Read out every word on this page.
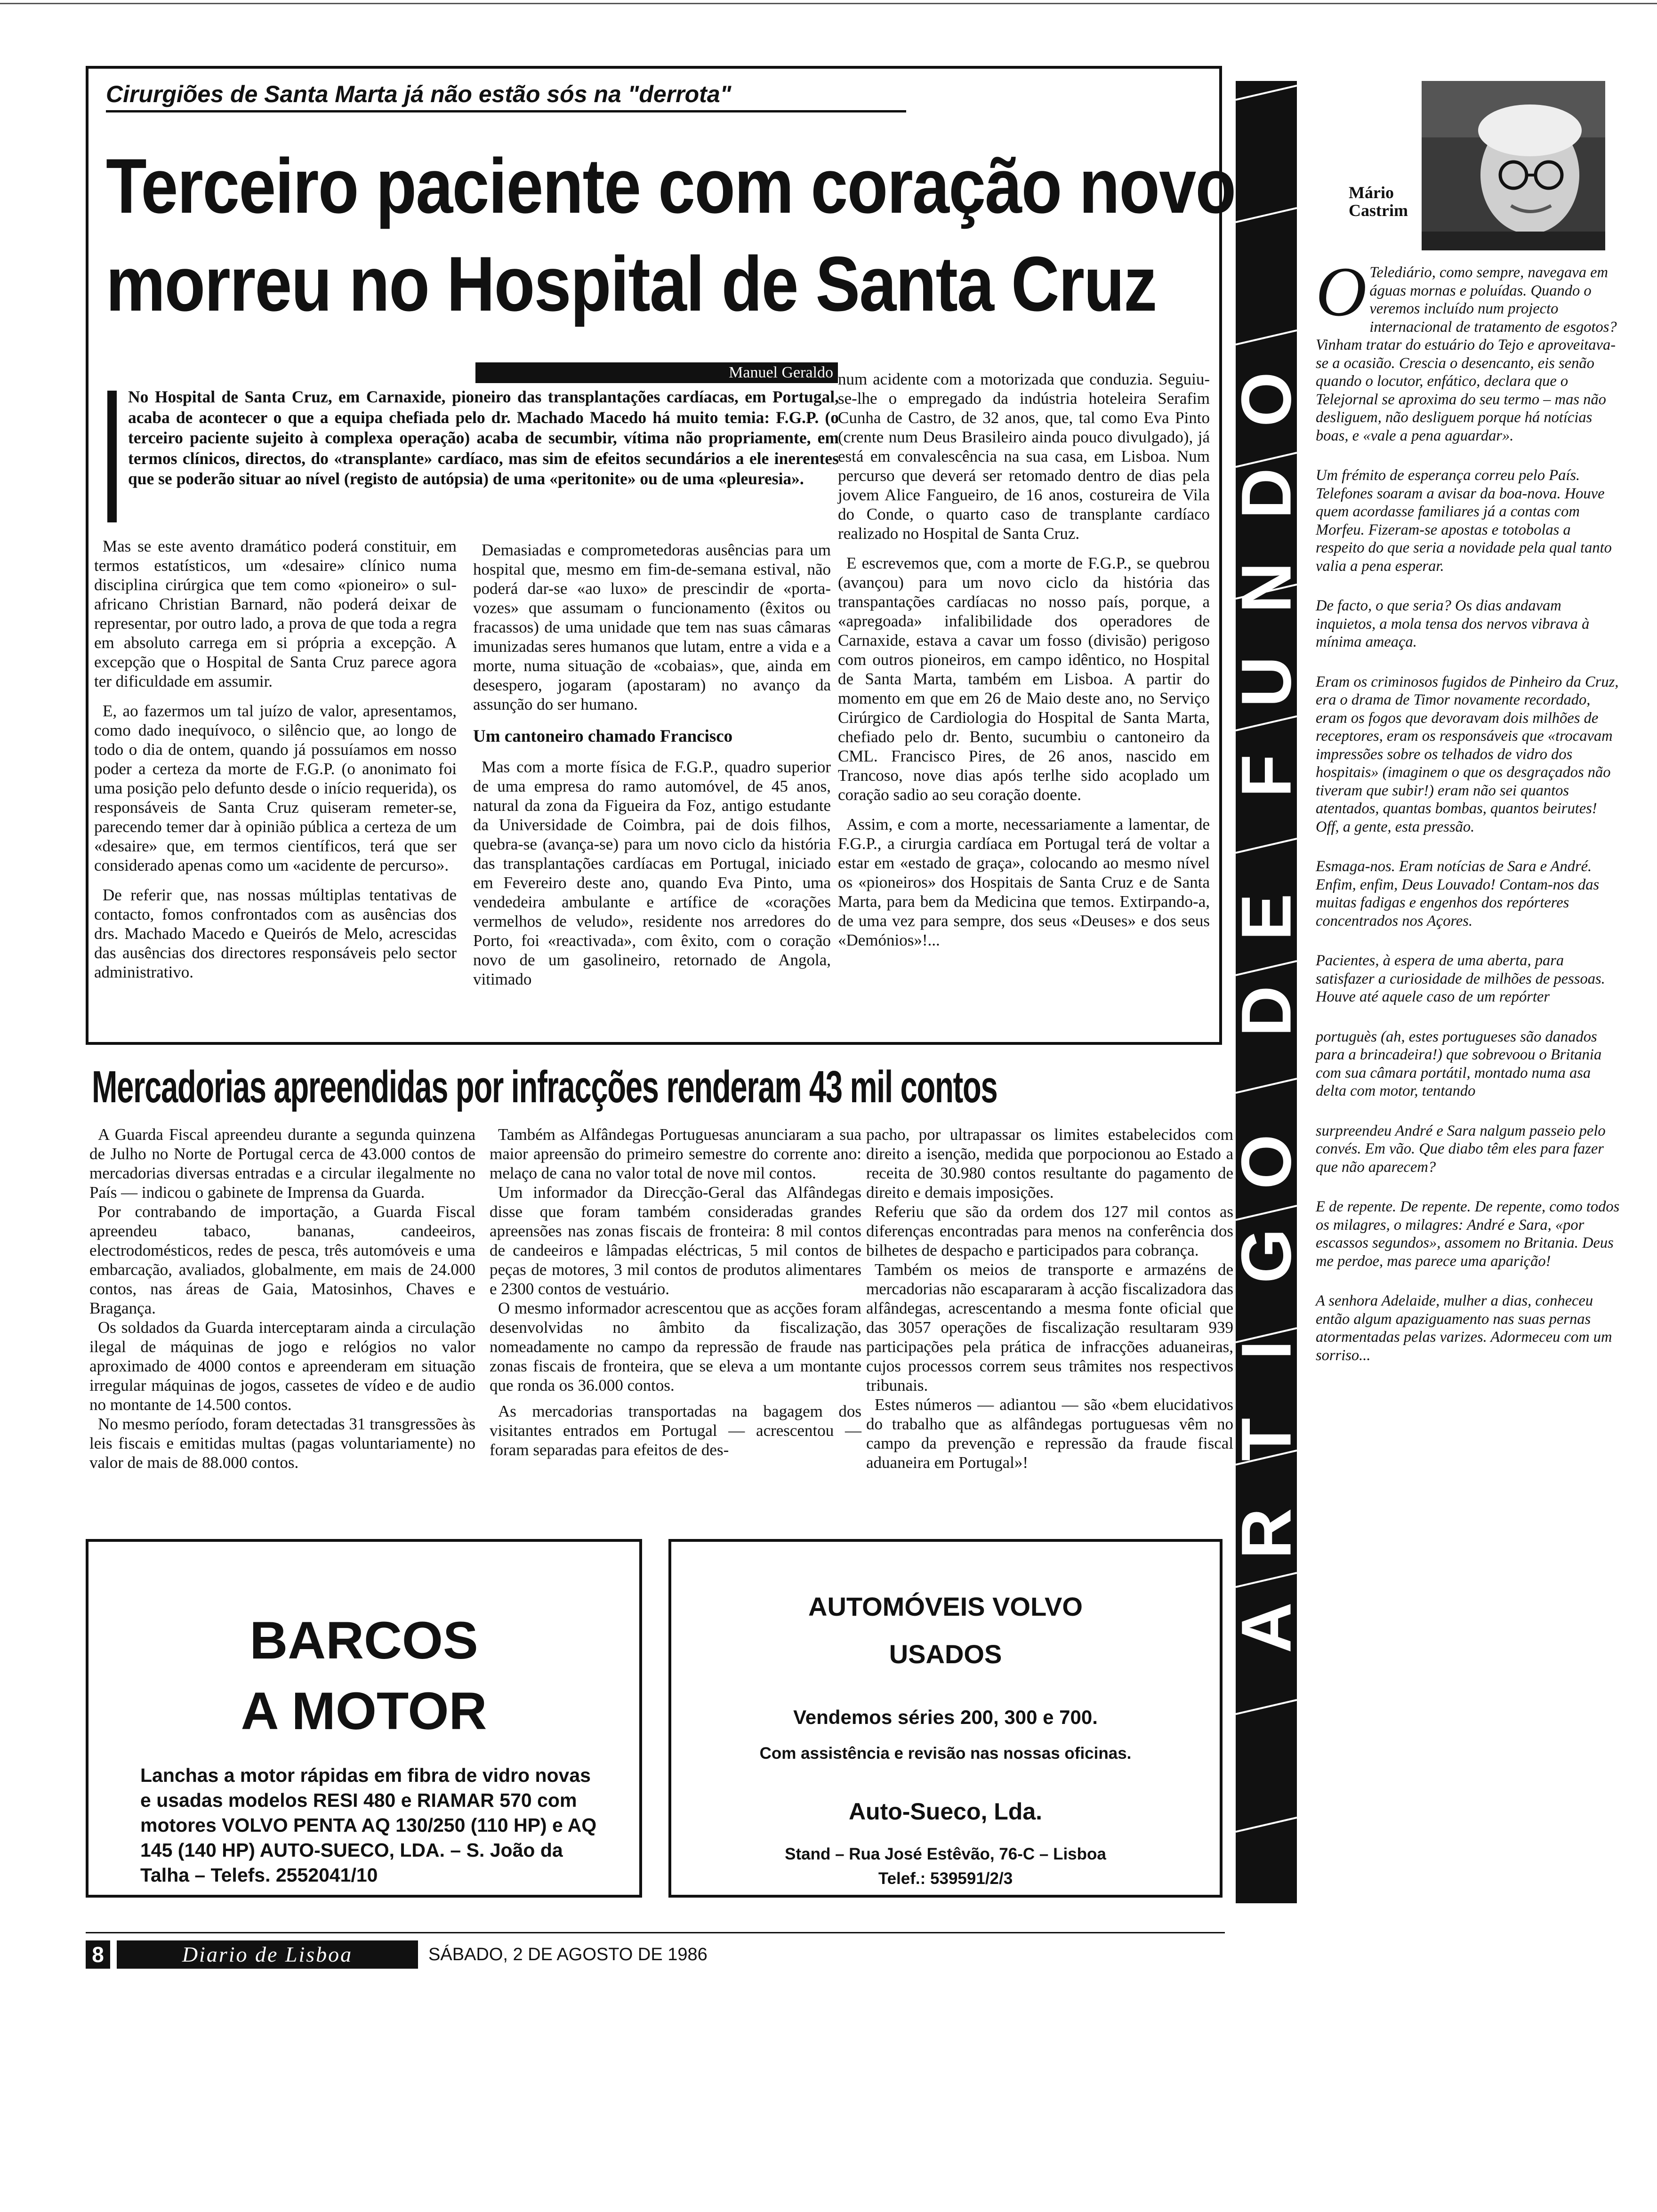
Cirurgiões de Santa Marta já não estão sós na "derrota"
Terceiro paciente com coração novo
morreu no Hospital de Santa Cruz
Manuel Geraldo
No Hospital de Santa Cruz, em Carnaxide, pioneiro das transplantações cardíacas, em Portugal, acaba de acontecer o que a equipa chefiada pelo dr. Machado Macedo há muito temia: F.G.P. (o terceiro paciente sujeito à complexa operação) acaba de secumbir, vítima não propriamente, em termos clínicos, directos, do «transplante» cardíaco, mas sim de efeitos secundários a ele inerentes que se poderão situar ao nível (registo de autópsia) de uma «peritonite» ou de uma «pleuresia».

Mas se este avento dramático poderá constituir, em termos estatísticos, um «desaire» clínico numa disciplina cirúrgica que tem como «pioneiro» o sul-africano Christian Barnard, não poderá deixar de representar, por outro lado, a prova de que toda a regra em absoluto carrega em si própria a excepção. A excepção que o Hospital de Santa Cruz parece agora ter dificuldade em assumir.

E, ao fazermos um tal juízo de valor, apresentamos, como dado inequívoco, o silêncio que, ao longo de todo o dia de ontem, quando já possuíamos em nosso poder a certeza da morte de F.G.P. (o anonimato foi uma posição pelo defunto desde o início requerida), os responsáveis de Santa Cruz quiseram remeter-se, parecendo temer dar à opinião pública a certeza de um «desaire» que, em termos científicos, terá que ser considerado apenas como um «acidente de percurso».

De referir que, nas nossas múltiplas tentativas de contacto, fomos confrontados com as ausências dos drs. Machado Macedo e Queirós de Melo, acrescidas das ausências dos directores responsáveis pelo sector administrativo.

Demasiadas e comprometedoras ausências para um hospital que, mesmo em fim-de-semana estival, não poderá dar-se «ao luxo» de prescindir de «porta-vozes» que assumam o funcionamento (êxitos ou fracassos) de uma unidade que tem nas suas câmaras imunizadas seres humanos que lutam, entre a vida e a morte, numa situação de «cobaias», que, ainda em desespero, jogaram (apostaram) no avanço da assunção do ser humano.

Um cantoneiro chamado Francisco

Mas com a morte física de F.G.P., quadro superior de uma empresa do ramo automóvel, de 45 anos, natural da zona da Figueira da Foz, antigo estudante da Universidade de Coimbra, pai de dois filhos, quebra-se (avança-se) para um novo ciclo da história das transplantações cardíacas em Portugal, iniciado em Fevereiro deste ano, quando Eva Pinto, uma vendedeira ambulante e artífice de «corações vermelhos de veludo», residente nos arredores do Porto, foi «reactivada», com êxito, com o coração novo de um gasolineiro, retornado de Angola, vitimado

num acidente com a motorizada que conduzia. Seguiu-se-lhe o empregado da indústria hoteleira Serafim Cunha de Castro, de 32 anos, que, tal como Eva Pinto (crente num Deus Brasileiro ainda pouco divulgado), já está em convalescência na sua casa, em Lisboa. Num percurso que deverá ser retomado dentro de dias pela jovem Alice Fangueiro, de 16 anos, costureira de Vila do Conde, o quarto caso de transplante cardíaco realizado no Hospital de Santa Cruz.

E escrevemos que, com a morte de F.G.P., se quebrou (avançou) para um novo ciclo da história das transpantações cardíacas no nosso país, porque, a «apregoada» infalibilidade dos operadores de Carnaxide, estava a cavar um fosso (divisão) perigoso com outros pioneiros, em campo idêntico, no Hospital de Santa Marta, também em Lisboa. A partir do momento em que em 26 de Maio deste ano, no Serviço Cirúrgico de Cardiologia do Hospital de Santa Marta, chefiado pelo dr. Bento, sucumbiu o cantoneiro da CML. Francisco Pires, de 26 anos, nascido em Trancoso, nove dias após terlhe sido acoplado um coração sadio ao seu coração doente.

Assim, e com a morte, necessariamente a lamentar, de F.G.P., a cirurgia cardíaca em Portugal terá de voltar a estar em «estado de graça», colocando ao mesmo nível os «pioneiros» dos Hospitais de Santa Cruz e de Santa Marta, para bem da Medicina que temos. Extirpando-a, de uma vez para sempre, dos seus «Deuses» e dos seus «Demónios»!...

Mercadorias apreendidas por infracções renderam 43 mil contos

A Guarda Fiscal apreendeu durante a segunda quinzena de Julho no Norte de Portugal cerca de 43.000 contos de mercadorias diversas entradas e a circular ilegalmente no País — indicou o gabinete de Imprensa da Guarda.

Por contrabando de importação, a Guarda Fiscal apreendeu tabaco, bananas, candeeiros, electrodomésticos, redes de pesca, três automóveis e uma embarcação, avaliados, globalmente, em mais de 24.000 contos, nas áreas de Gaia, Matosinhos, Chaves e Bragança.

Os soldados da Guarda interceptaram ainda a circulação ilegal de máquinas de jogo e relógios no valor aproximado de 4000 contos e apreenderam em situação irregular máquinas de jogos, cassetes de vídeo e de audio no montante de 14.500 contos.

No mesmo período, foram detectadas 31 transgressões às leis fiscais e emitidas multas (pagas voluntariamente) no valor de mais de 88.000 contos.

Também as Alfândegas Portuguesas anunciaram a sua maior apreensão do primeiro semestre do corrente ano: melaço de cana no valor total de nove mil contos.

Um informador da Direcção-Geral das Alfândegas disse que foram também consideradas grandes apreensões nas zonas fiscais de fronteira: 8 mil contos de candeeiros e lâmpadas eléctricas, 5 mil contos de peças de motores, 3 mil contos de produtos alimentares e 2300 contos de vestuário.

O mesmo informador acrescentou que as acções foram desenvolvidas no âmbito da fiscalização, nomeadamente no campo da repressão de fraude nas zonas fiscais de fronteira, que se eleva a um montante que ronda os 36.000 contos.

As mercadorias transportadas na bagagem dos visitantes entrados em Portugal — acrescentou — foram separadas para efeitos de des-

pacho, por ultrapassar os limites estabelecidos com direito a isenção, medida que porpocionou ao Estado a receita de 30.980 contos resultante do pagamento de direito e demais imposições.

Referiu que são da ordem dos 127 mil contos as diferenças encontradas para menos na conferência dos bilhetes de despacho e participados para cobrança.

Também os meios de transporte e armazéns de mercadorias não escapararam à acção fiscalizadora das alfândegas, acrescentando a mesma fonte oficial que das 3057 operações de fiscalização resultaram 939 participações pela prática de infracções aduaneiras, cujos processos correm seus trâmites nos respectivos tribunais.

Estes números — adiantou — são «bem elucidativos do trabalho que as alfândegas portuguesas vêm no campo da prevenção e repressão da fraude fiscal aduaneira em Portugal»!

BARCOS
A MOTOR
Lanchas a motor rápidas em fibra de vidro novas e usadas modelos RESI 480 e RIAMAR 570 com motores VOLVO PENTA AQ 130/250 (110 HP) e AQ 145 (140 HP) AUTO-SUECO, LDA. – S. João da Talha – Telefs. 2552041/10
AUTOMÓVEIS VOLVO
USADOS
Vendemos séries 200, 300 e 700.
Com assistência e revisão nas nossas oficinas.
Auto-Sueco, Lda.
Stand – Rua José Estêvão, 76-C – Lisboa
Telef.: 539591/2/3
8	Diario de Lisboa	SÁBADO, 2 DE AGOSTO DE 1986
O
D
N
U
F
E
D
O
G
I
T
R
A
Mário
Castrim

O Telediário, como sempre, navegava em águas mornas e poluídas. Quando o veremos incluído num projecto internacional de tratamento de esgotos? Vinham tratar do estuário do Tejo e aproveitava-se a ocasião. Crescia o desencanto, eis senão quando o locutor, enfático, declara que o Telejornal se aproxima do seu termo – mas não desliguem, não desliguem porque há notícias boas, e «vale a pena aguardar».

Um frémito de esperança correu pelo País. Telefones soaram a avisar da boa-nova. Houve quem acordasse familiares já a contas com Morfeu. Fizeram-se apostas e totobolas a respeito do que seria a novidade pela qual tanto valia a pena esperar.

De facto, o que seria? Os dias andavam inquietos, a mola tensa dos nervos vibrava à mínima ameaça.

Eram os criminosos fugidos de Pinheiro da Cruz, era o drama de Timor novamente recordado, eram os fogos que devoravam dois milhões de receptores, eram os responsáveis que «trocavam impressões sobre os telhados de vidro dos hospitais» (imaginem o que os desgraçados não tiveram que subir!) eram não sei quantos atentados, quantas bombas, quantos beirutes! Off, a gente, esta pressão.

Esmaga-nos. Eram notícias de Sara e André. Enfim, enfim, Deus Louvado! Contam-nos das muitas fadigas e engenhos dos repórteres concentrados nos Açores.

Pacientes, à espera de uma aberta, para satisfazer a curiosidade de milhões de pessoas. Houve até aquele caso de um repórter

portuguès (ah, estes portugueses são danados para a brincadeira!) que sobrevoou o Britania com sua câmara portátil, montado numa asa delta com motor, tentando

surpreendeu André e Sara nalgum passeio pelo convés. Em vão. Que diabo têm eles para fazer que não aparecem?

E de repente. De repente. De repente, como todos os milagres, o milagres: André e Sara, «por escassos segundos», assomem no Britania. Deus me perdoe, mas parece uma aparição!

A senhora Adelaide, mulher a dias, conheceu então algum apaziguamento nas suas pernas atormentadas pelas varizes. Adormeceu com um sorriso...
